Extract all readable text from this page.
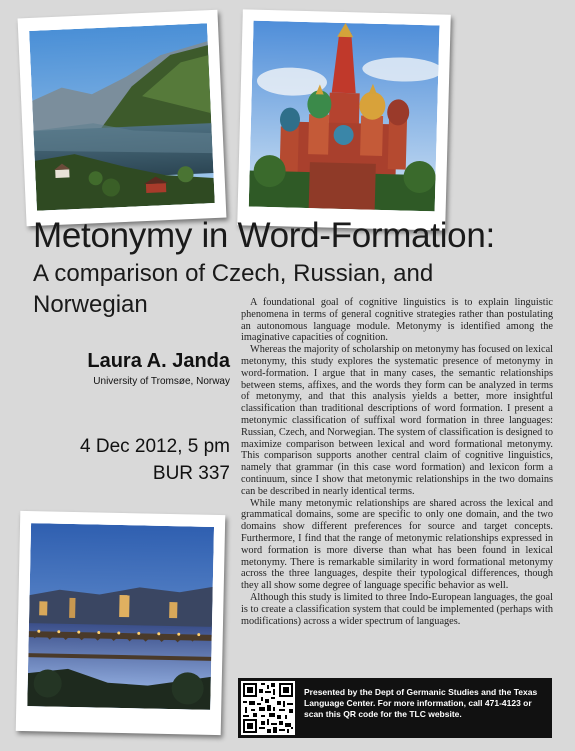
Metonymy in Word-Formation:
A comparison of Czech, Russian, and Norwegian
Laura A. Janda
University of Tromsøe, Norway
4 Dec 2012, 5 pm
BUR 337

A foundational goal of cognitive linguistics is to explain linguistic phenomena in terms of general cognitive strategies rather than postulating an autonomous language module. Metonymy is identified among the imaginative capacities of cognition.

Whereas the majority of scholarship on metonymy has focused on lexical metonymy, this study explores the systematic presence of metonymy in word-formation. I argue that in many cases, the semantic relationships between stems, affixes, and the words they form can be analyzed in terms of metonymy, and that this analysis yields a better, more insightful classification than traditional descriptions of word formation. I present a metonymic classification of suffixal word formation in three languages: Russian, Czech, and Norwegian. The system of classification is designed to maximize comparison between lexical and word formational metonymy. This comparison supports another central claim of cognitive linguistics, namely that grammar (in this case word formation) and lexicon form a continuum, since I show that metonymic relationships in the two domains can be described in nearly identical terms.

While many metonymic relationships are shared across the lexical and grammatical domains, some are specific to only one domain, and the two domains show different preferences for source and target concepts. Furthermore, I find that the range of metonymic relationships expressed in word formation is more diverse than what has been found in lexical metonymy. There is remarkable similarity in word formational metonymy across the three languages, despite their typological differences, though they all show some degree of language specific behavior as well.

Although this study is limited to three Indo-European languages, the goal is to create a classification system that could be implemented (perhaps with modifications) across a wider spectrum of languages.

Presented by the Dept of Germanic Studies and the Texas Language Center. For more information, call 471-4123 or scan this QR code for the TLC website.
